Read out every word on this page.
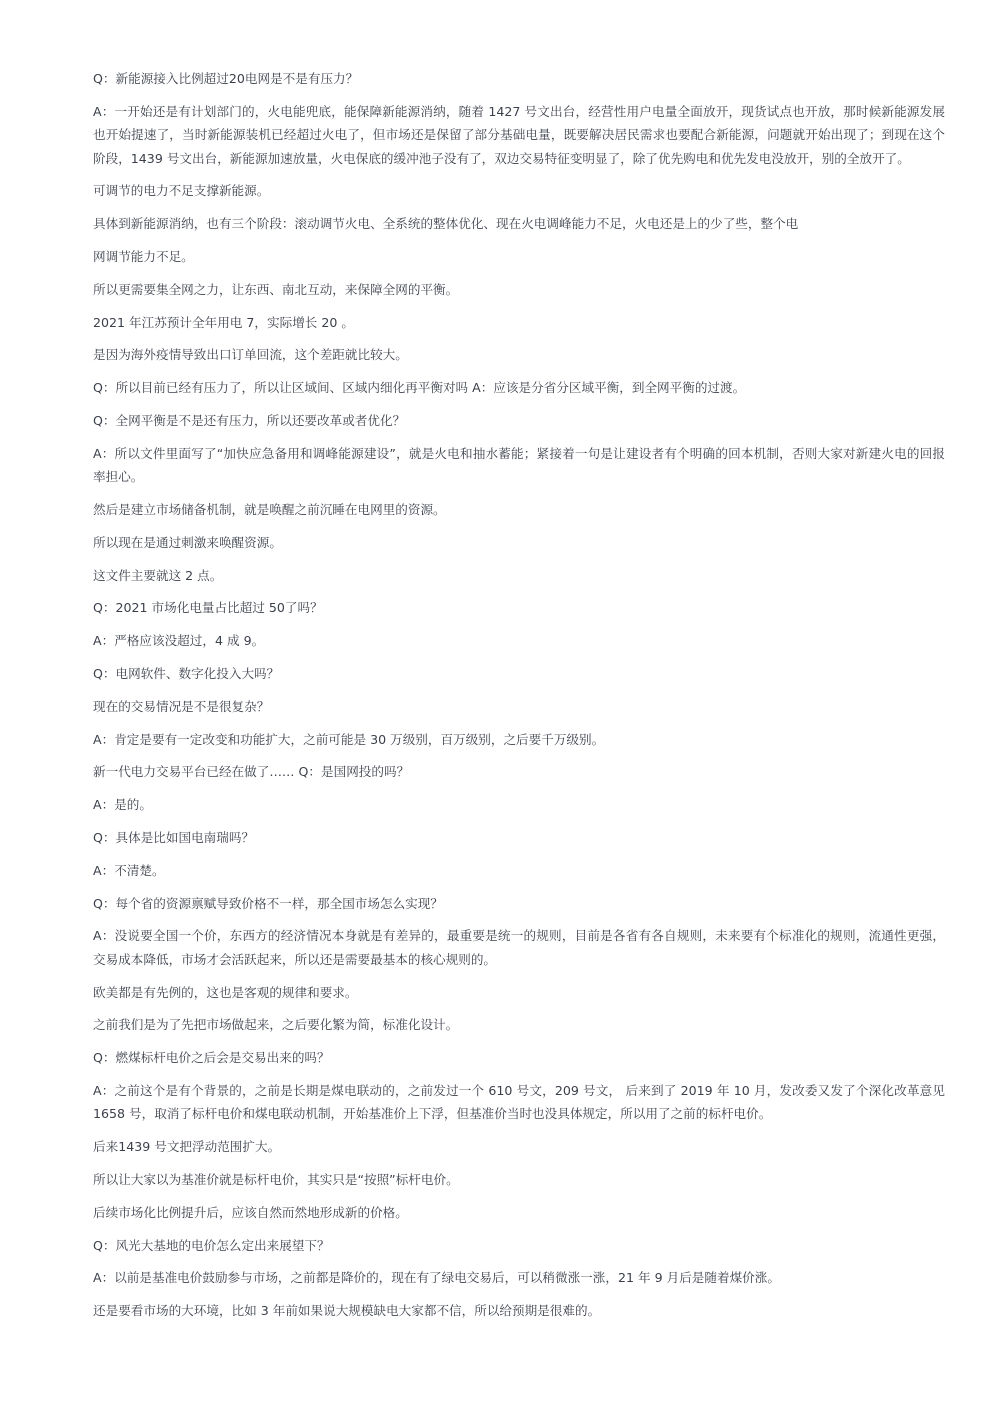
Q：新能源接入比例超过20电网是不是有压力？

A：一开始还是有计划部门的，火电能兜底，能保障新能源消纳，随着 1427 号文出台，经营性用户电量全面放开，现货试点也开放，那时候新能源发展也开始提速了，当时新能源装机已经超过火电了，但市场还是保留了部分基础电量，既要解决居民需求也要配合新能源，问题就开始出现了；到现在这个阶段，1439 号文出台，新能源加速放量，火电保底的缓冲池子没有了，双边交易特征变明显了，除了优先购电和优先发电没放开，别的全放开了。

可调节的电力不足支撑新能源。

具体到新能源消纳，也有三个阶段：滚动调节火电、全系统的整体优化、现在火电调峰能力不足，火电还是上的少了些，整个电

网调节能力不足。

所以更需要集全网之力，让东西、南北互动，来保障全网的平衡。

2021 年江苏预计全年用电 7，实际增长 20 。

是因为海外疫情导致出口订单回流，这个差距就比较大。

Q：所以目前已经有压力了，所以让区域间、区域内细化再平衡对吗 A：应该是分省分区域平衡，到全网平衡的过渡。

Q：全网平衡是不是还有压力，所以还要改革或者优化？

A：所以文件里面写了“加快应急备用和调峰能源建设”，就是火电和抽水蓄能；紧接着一句是让建设者有个明确的回本机制，否则大家对新建火电的回报率担心。

然后是建立市场储备机制，就是唤醒之前沉睡在电网里的资源。

所以现在是通过刺激来唤醒资源。

这文件主要就这 2 点。

Q：2021 市场化电量占比超过 50了吗？

A：严格应该没超过，4 成 9。

Q：电网软件、数字化投入大吗？

现在的交易情况是不是很复杂？

A：肯定是要有一定改变和功能扩大，之前可能是 30 万级别，百万级别，之后要千万级别。

新一代电力交易平台已经在做了…… Q：是国网投的吗？

A：是的。

Q：具体是比如国电南瑞吗？

A：不清楚。

Q：每个省的资源禀赋导致价格不一样，那全国市场怎么实现？

A：没说要全国一个价，东西方的经济情况本身就是有差异的，最重要是统一的规则，目前是各省有各自规则，未来要有个标准化的规则，流通性更强，交易成本降低，市场才会活跃起来，所以还是需要最基本的核心规则的。

欧美都是有先例的，这也是客观的规律和要求。

之前我们是为了先把市场做起来，之后要化繁为简，标准化设计。

Q：燃煤标杆电价之后会是交易出来的吗？

A：之前这个是有个背景的，之前是长期是煤电联动的，之前发过一个 610 号文，209 号文， 后来到了 2019 年 10 月，发改委又发了个深化改革意见 1658 号，取消了标杆电价和煤电联动机制，开始基准价上下浮，但基准价当时也没具体规定，所以用了之前的标杆电价。

后来1439 号文把浮动范围扩大。

所以让大家以为基准价就是标杆电价，其实只是“按照”标杆电价。

后续市场化比例提升后，应该自然而然地形成新的价格。

Q：风光大基地的电价怎么定出来展望下？

A：以前是基准电价鼓励参与市场，之前都是降价的，现在有了绿电交易后，可以稍微涨一涨，21 年 9 月后是随着煤价涨。

还是要看市场的大环境，比如 3 年前如果说大规模缺电大家都不信，所以给预期是很难的。
